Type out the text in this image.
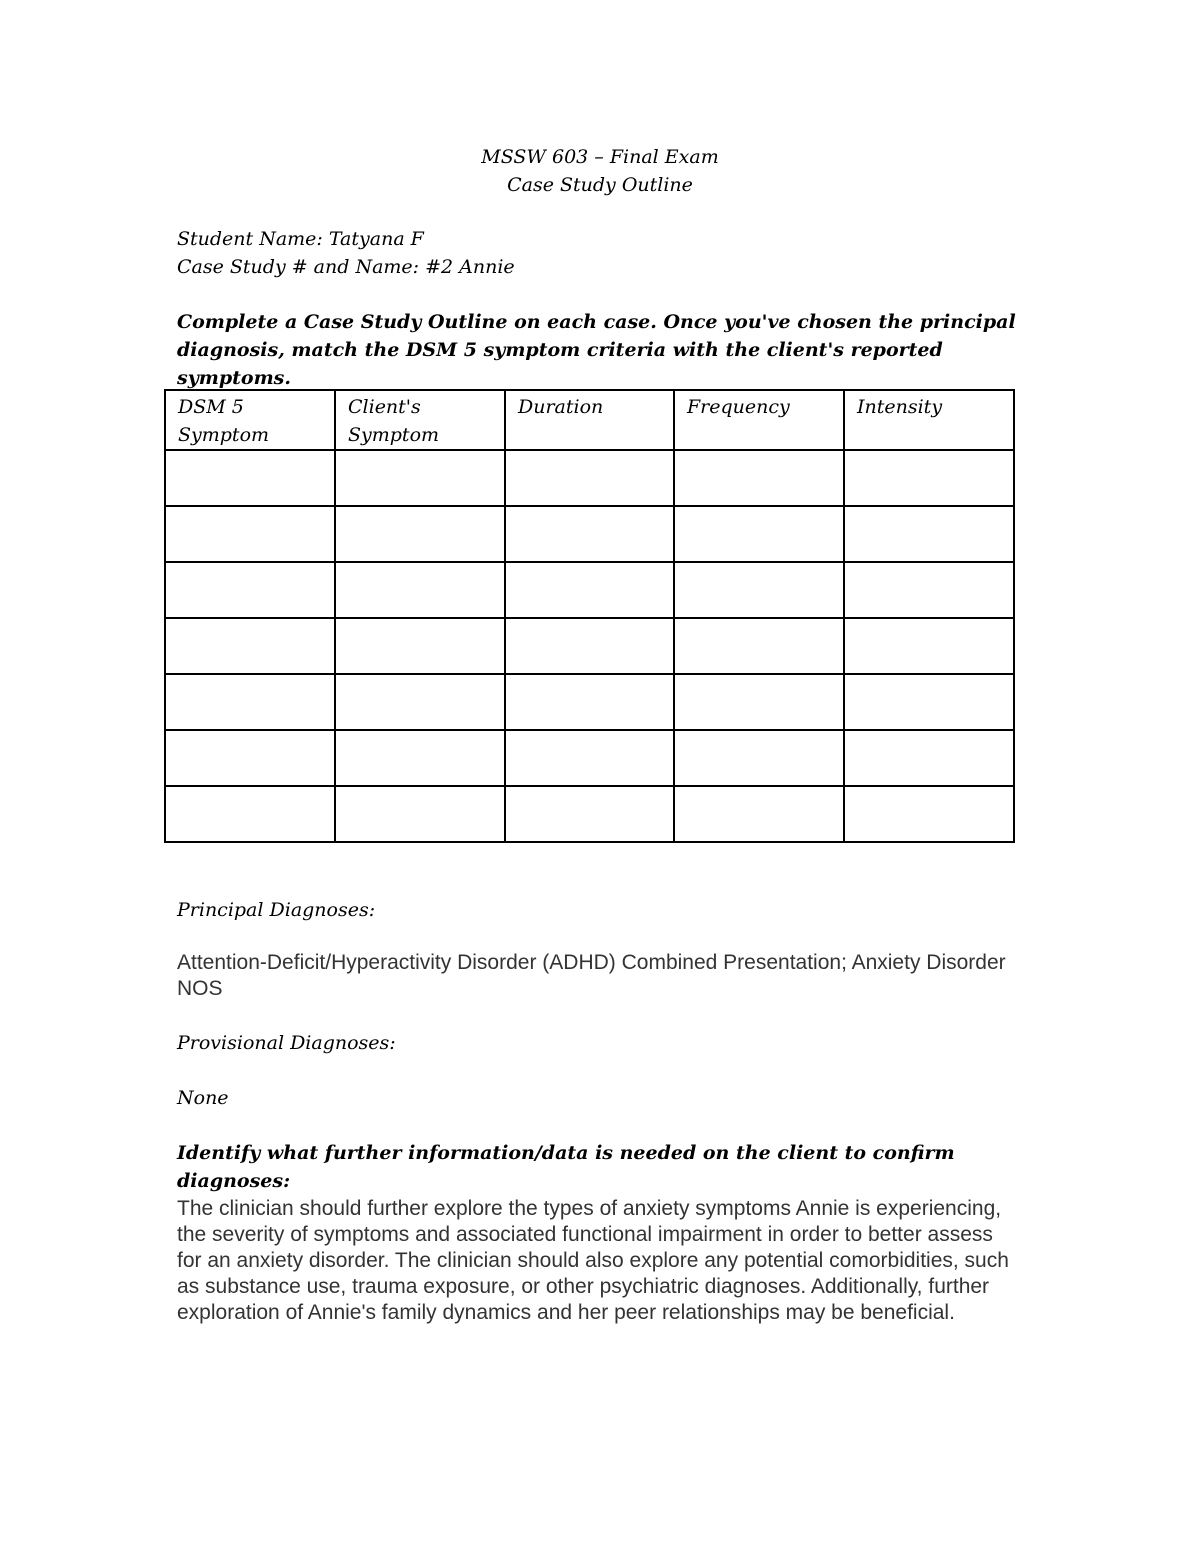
MSSW 603 – Final Exam
Case Study Outline
Student Name: Tatyana F
Case Study # and Name: #2 Annie
Complete a Case Study Outline on each case. Once you've chosen the principal diagnosis, match the DSM 5 symptom criteria with the client's reported symptoms.
DSM 5 Symptom	Client's Symptom	Duration	Frequency	Intensity

Principal Diagnoses:
Attention-Deficit/Hyperactivity Disorder (ADHD) Combined Presentation; Anxiety Disorder NOS
Provisional Diagnoses:
None
Identify what further information/data is needed on the client to confirm diagnoses:
The clinician should further explore the types of anxiety symptoms Annie is experiencing, the severity of symptoms and associated functional impairment in order to better assess for an anxiety disorder. The clinician should also explore any potential comorbidities, such as substance use, trauma exposure, or other psychiatric diagnoses. Additionally, further exploration of Annie's family dynamics and her peer relationships may be beneficial.
